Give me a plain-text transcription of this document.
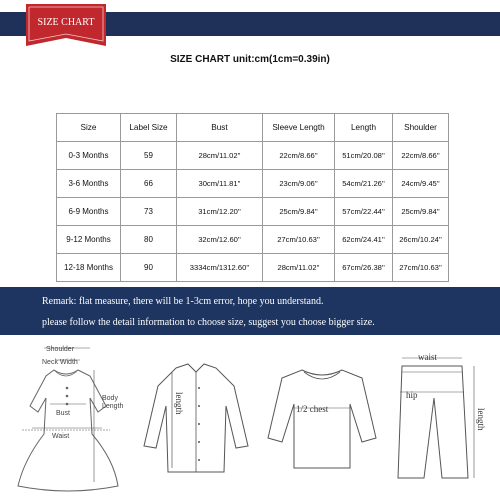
SIZE CHART
SIZE CHART unit:cm(1cm=0.39in)
Size	Label Size	Bust	Sleeve Length	Length	Shoulder
0-3 Months	59	28cm/11.02''	22cm/8.66''	51cm/20.08''	22cm/8.66''
3-6 Months	66	30cm/11.81''	23cm/9.06''	54cm/21.26''	24cm/9.45''
6-9 Months	73	31cm/12.20''	25cm/9.84''	57cm/22.44''	25cm/9.84''
9-12 Months	80	32cm/12.60''	27cm/10.63''	62cm/24.41''	26cm/10.24''
12-18 Months	90	3334cm/1312.60''	28cm/11.02''	67cm/26.38''	27cm/10.63''
Remark: flat measure, there will be 1-3cm error, hope you understand.
please follow the detail information to choose size, suggest you choose bigger size.
Shoulder
Neck Width
Bust
Waist
Body
Length	length	1/2 chest
waist
hip
length
